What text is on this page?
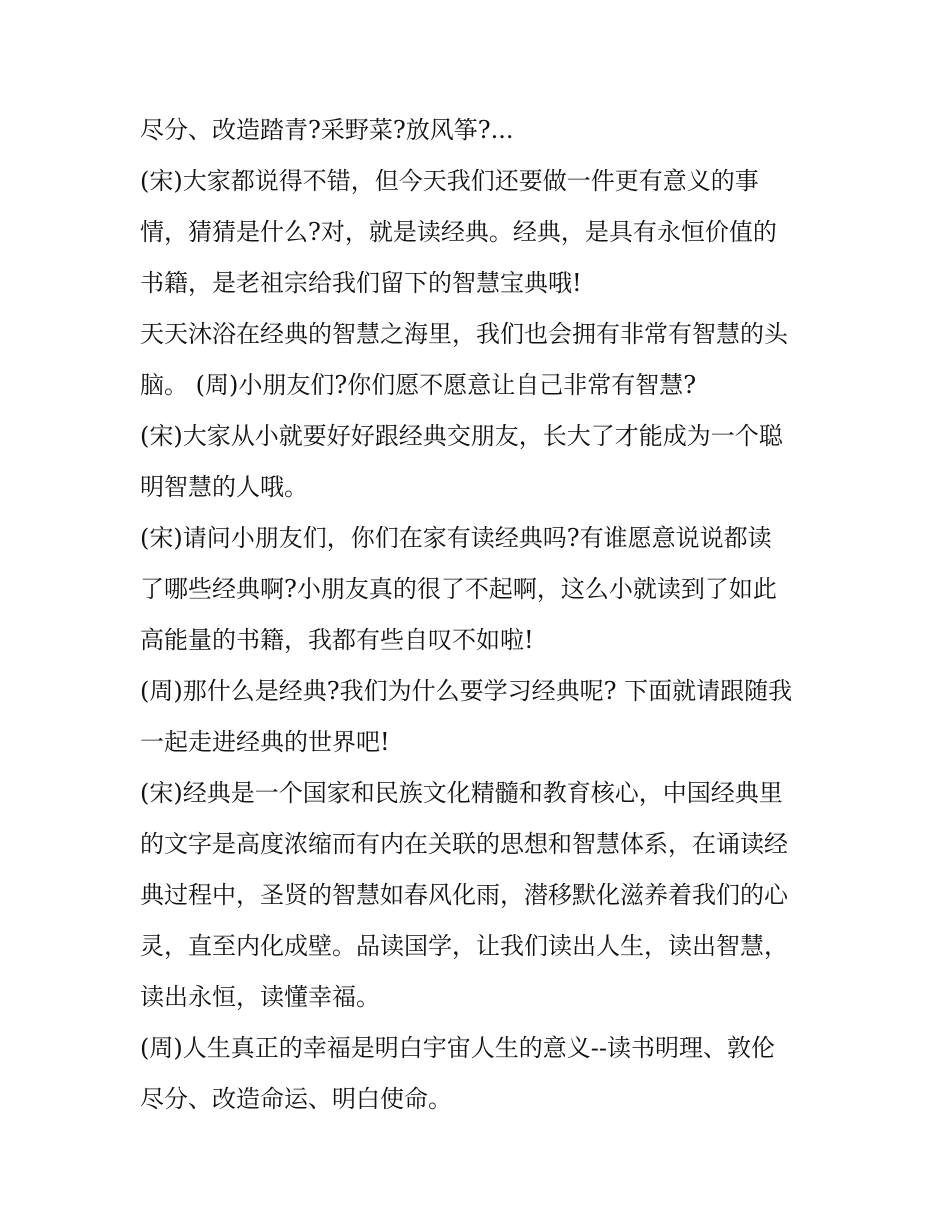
尽分、改造踏青?采野菜?放风筝?...
(宋)大家都说得不错，但今天我们还要做一件更有意义的事
情，猜猜是什么?对，就是读经典。经典，是具有永恒价值的
书籍，是老祖宗给我们留下的智慧宝典哦!
天天沐浴在经典的智慧之海里，我们也会拥有非常有智慧的头
脑。 (周)小朋友们?你们愿不愿意让自己非常有智慧?
(宋)大家从小就要好好跟经典交朋友，长大了才能成为一个聪
明智慧的人哦。
(宋)请问小朋友们，你们在家有读经典吗?有谁愿意说说都读
了哪些经典啊?小朋友真的很了不起啊，这么小就读到了如此
高能量的书籍，我都有些自叹不如啦!
(周)那什么是经典?我们为什么要学习经典呢? 下面就请跟随我
一起走进经典的世界吧!
(宋)经典是一个国家和民族文化精髓和教育核心，中国经典里
的文字是高度浓缩而有内在关联的思想和智慧体系，在诵读经
典过程中，圣贤的智慧如春风化雨，潜移默化滋养着我们的心
灵，直至内化成壁。品读国学，让我们读出人生，读出智慧，
读出永恒，读懂幸福。
(周)人生真正的幸福是明白宇宙人生的意义--读书明理、敦伦
尽分、改造命运、明白使命。
